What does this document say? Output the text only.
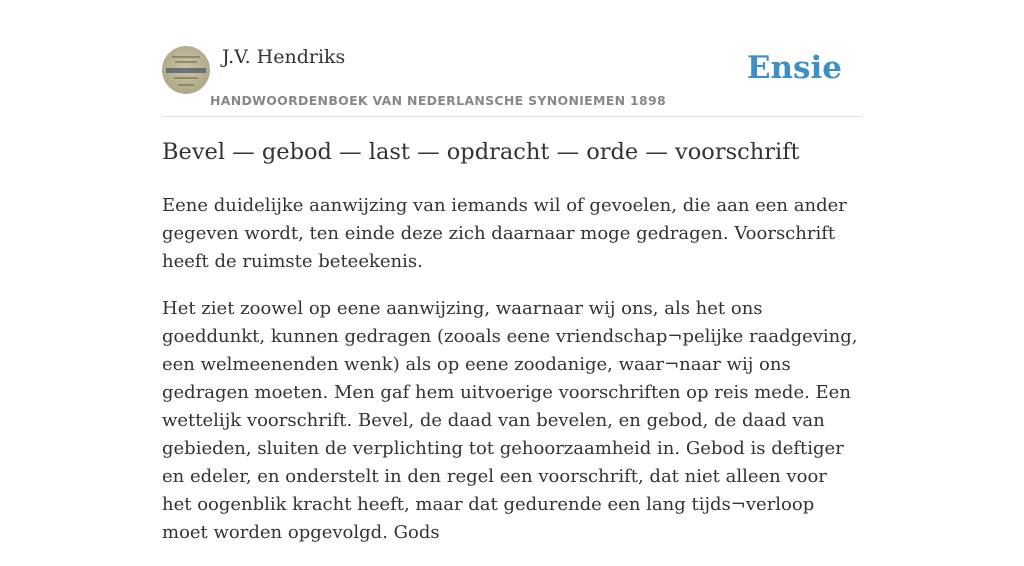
J.V. Hendriks
HANDWOORDENBOEK VAN NEDERLANSCHE SYNONIEMEN 1898
Ensie
Bevel — gebod — last — opdracht — orde — voorschrift

Eene duidelijke aanwijzing van iemands wil of gevoelen, die aan een ander gegeven wordt, ten einde deze zich daarnaar moge gedragen. Voorschrift heeft de ruimste beteekenis.

Het ziet zoowel op eene aanwijzing, waarnaar wij ons, als het ons goeddunkt, kunnen gedragen (zooals eene vriendschap¬pelijke raadgeving, een welmeenenden wenk) als op eene zoodanige, waar¬naar wij ons gedragen moeten. Men gaf hem uitvoerige voorschriften op reis mede. Een wettelijk voorschrift. Bevel, de daad van bevelen, en gebod, de daad van gebieden, sluiten de verplichting tot gehoorzaamheid in. Gebod is deftiger en edeler, en onderstelt in den regel een voorschrift, dat niet alleen voor het oogenblik kracht heeft, maar dat gedurende een lang tijds¬verloop moet worden opgevolgd. Gods
